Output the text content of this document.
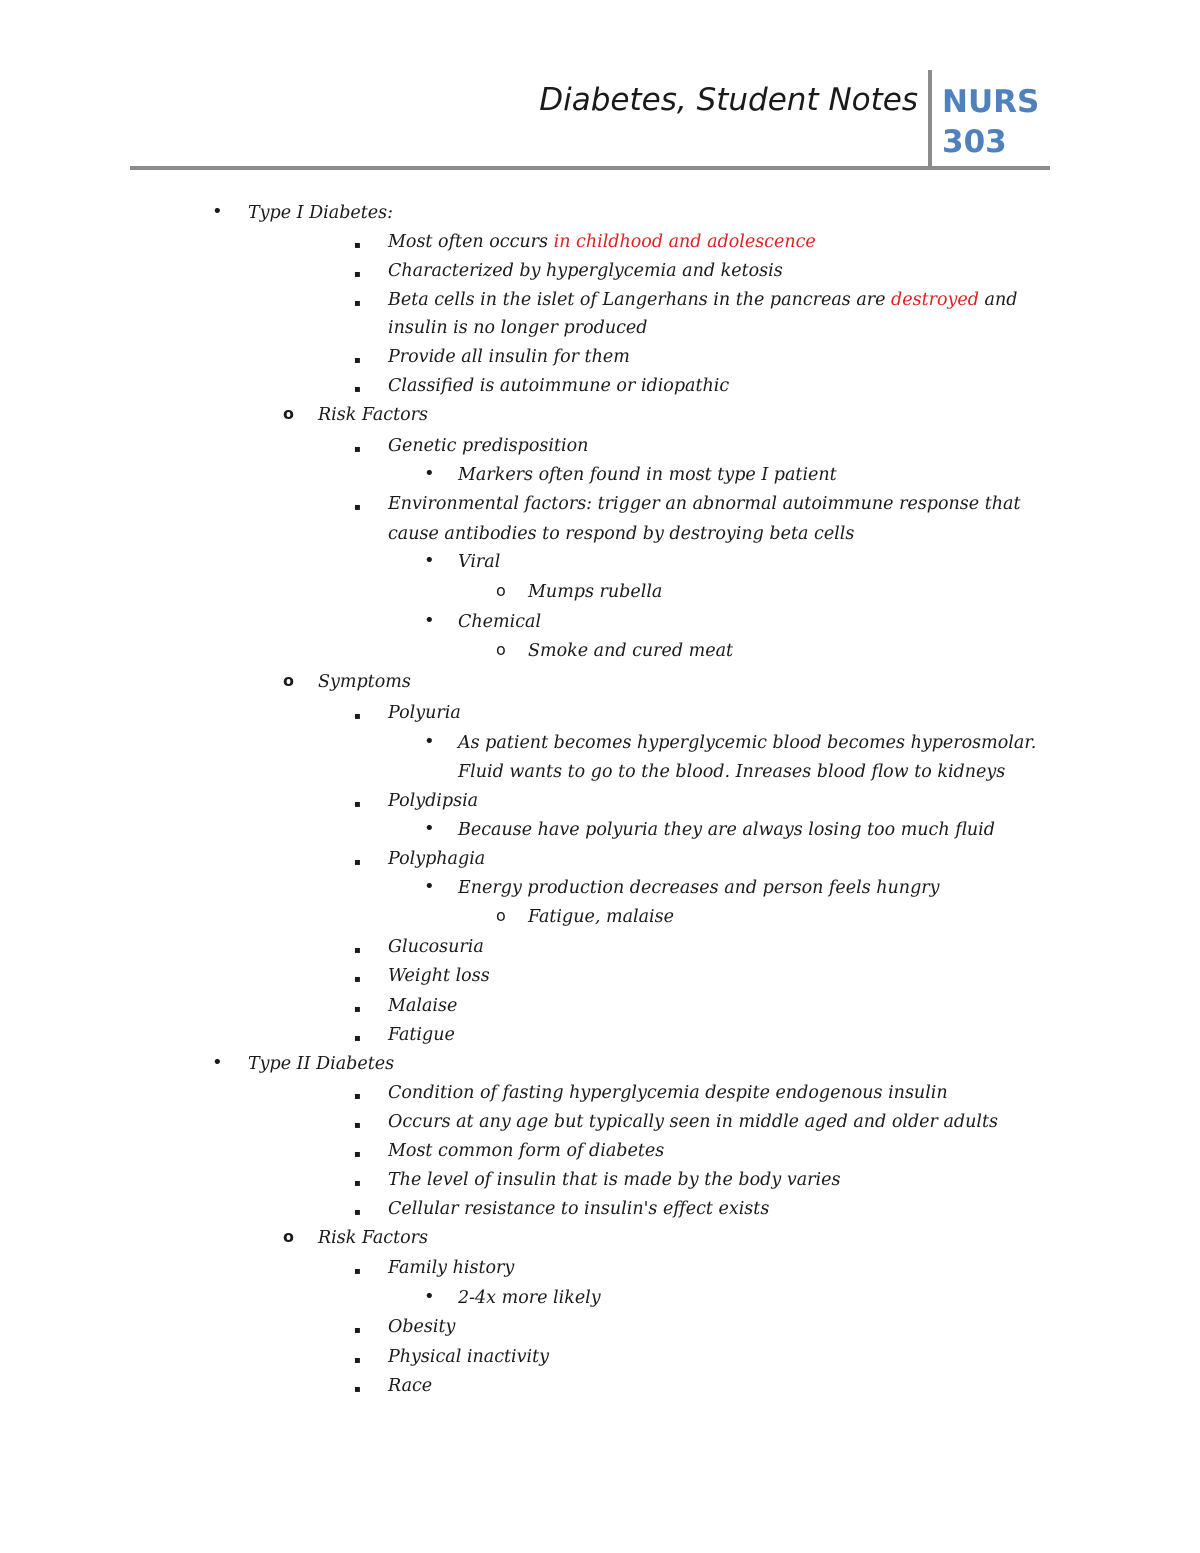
Diabetes, Student Notes NURS
303
• Type I Diabetes:
▪ Most often occurs in childhood and adolescence
▪ Characterized by hyperglycemia and ketosis
▪ Beta cells in the islet of Langerhans in the pancreas are destroyed and
insulin is no longer produced
▪ Provide all insulin for them
▪ Classified is autoimmune or idiopathic
o Risk Factors
▪ Genetic predisposition
• Markers often found in most type I patient
▪ Environmental factors: trigger an abnormal autoimmune response that
cause antibodies to respond by destroying beta cells
• Viral
o Mumps rubella
• Chemical
o Smoke and cured meat
o Symptoms
▪ Polyuria
• As patient becomes hyperglycemic blood becomes hyperosmolar.
Fluid wants to go to the blood. Inreases blood flow to kidneys
▪ Polydipsia
• Because have polyuria they are always losing too much fluid
▪ Polyphagia
• Energy production decreases and person feels hungry
o Fatigue, malaise
▪ Glucosuria
▪ Weight loss
▪ Malaise
▪ Fatigue
• Type II Diabetes
▪ Condition of fasting hyperglycemia despite endogenous insulin
▪ Occurs at any age but typically seen in middle aged and older adults
▪ Most common form of diabetes
▪ The level of insulin that is made by the body varies
▪ Cellular resistance to insulin's effect exists
o Risk Factors
▪ Family history
• 2-4x more likely
▪ Obesity
▪ Physical inactivity
▪ Race
